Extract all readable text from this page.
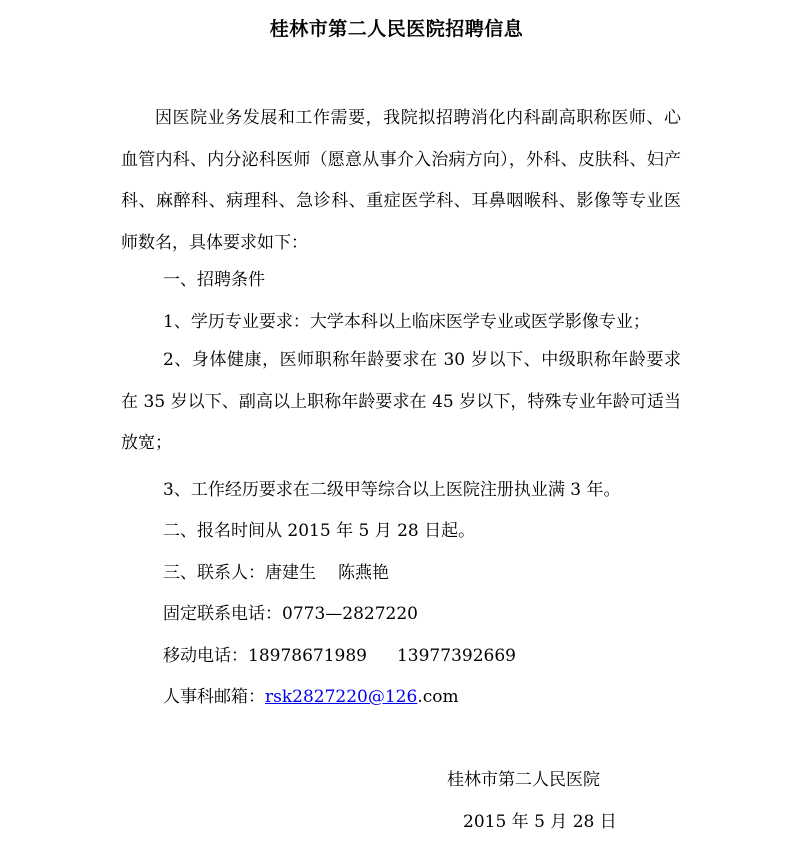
桂林市第二人民医院招聘信息

因医院业务发展和工作需要，我院拟招聘消化内科副高职称医师、心血管内科、内分泌科医师（愿意从事介入治病方向），外科、皮肤科、妇产科、麻醉科、病理科、急诊科、重症医学科、耳鼻咽喉科、影像等专业医师数名，具体要求如下：

一、招聘条件

1、学历专业要求：大学本科以上临床医学专业或医学影像专业；

2、身体健康，医师职称年龄要求在 30 岁以下、中级职称年龄要求在 35 岁以下、副高以上职称年龄要求在 45 岁以下，特殊专业年龄可适当放宽；

3、工作经历要求在二级甲等综合以上医院注册执业满 3 年。

二、报名时间从 2015 年 5 月 28 日起。

三、联系人：唐建生 陈燕艳

固定联系电话：0773—2827220

移动电话：18978671989 13977392669

人事科邮箱：rsk2827220@126.com

桂林市第二人民医院

2015 年 5 月 28 日
